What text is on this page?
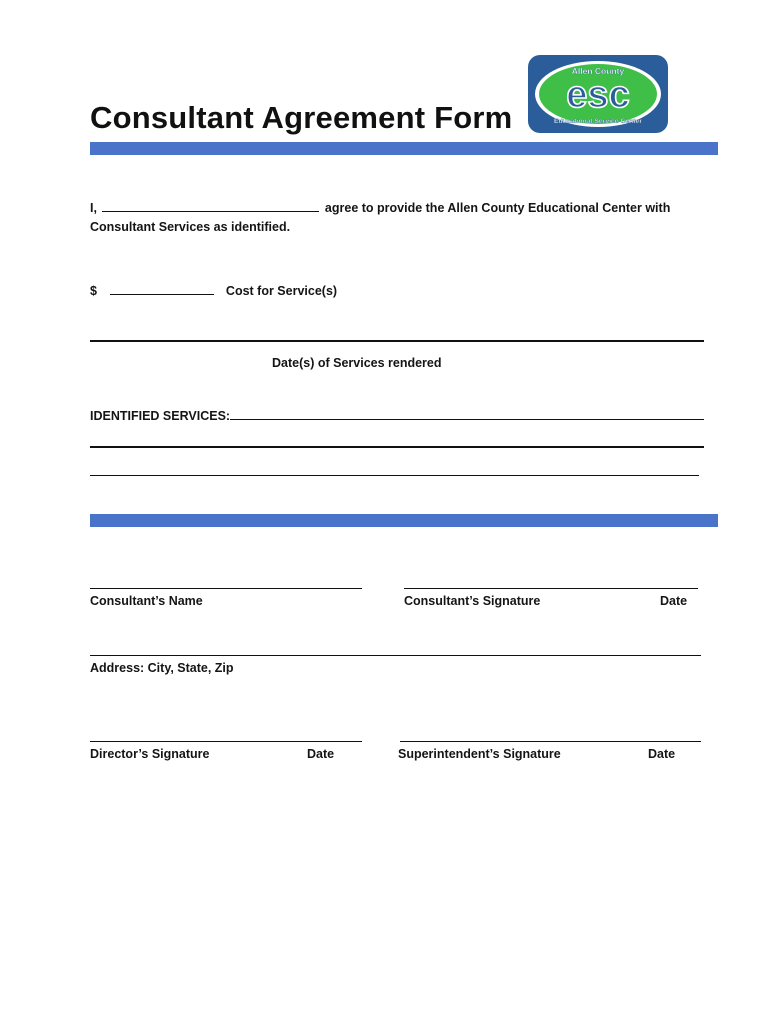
Consultant Agreement Form
esc
Allen County
Educational Service Center
I,	agree to provide the Allen County Educational Center with
Consultant Services as identified.
$	Cost for Service(s)
Date(s) of Services rendered
IDENTIFIED SERVICES:
Consultant’s Name	Consultant’s Signature	Date
Address: City, State, Zip
Director’s Signature	Date	Superintendent’s Signature	Date
